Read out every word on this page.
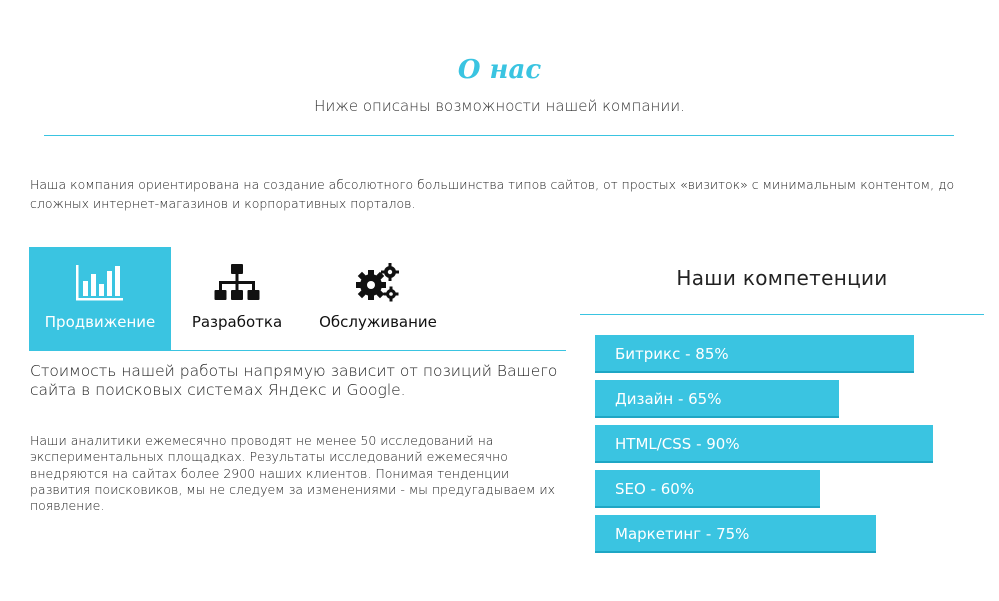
О нас
Ниже описаны возможности нашей компании.
Наша компания ориентирована на создание абсолютного большинства типов сайтов, от простых «визиток» с минимальным контентом, до сложных интернет-магазинов и корпоративных порталов.
Продвижение Разработка Обслуживание
Стоимость нашей работы напрямую зависит от позиций Вашего сайта в поисковых системах Яндекс и Google.
Наши аналитики ежемесячно проводят не менее 50 исследований на экспериментальных площадках. Результаты исследований ежемесячно внедряются на сайтах более 2900 наших клиентов. Понимая тенденции развития поисковиков, мы не следуем за изменениями - мы предугадываем их появление.
Наши компетенции
Битрикс - 85%
Дизайн - 65%
HTML/CSS - 90%
SEO - 60%
Маркетинг - 75%
